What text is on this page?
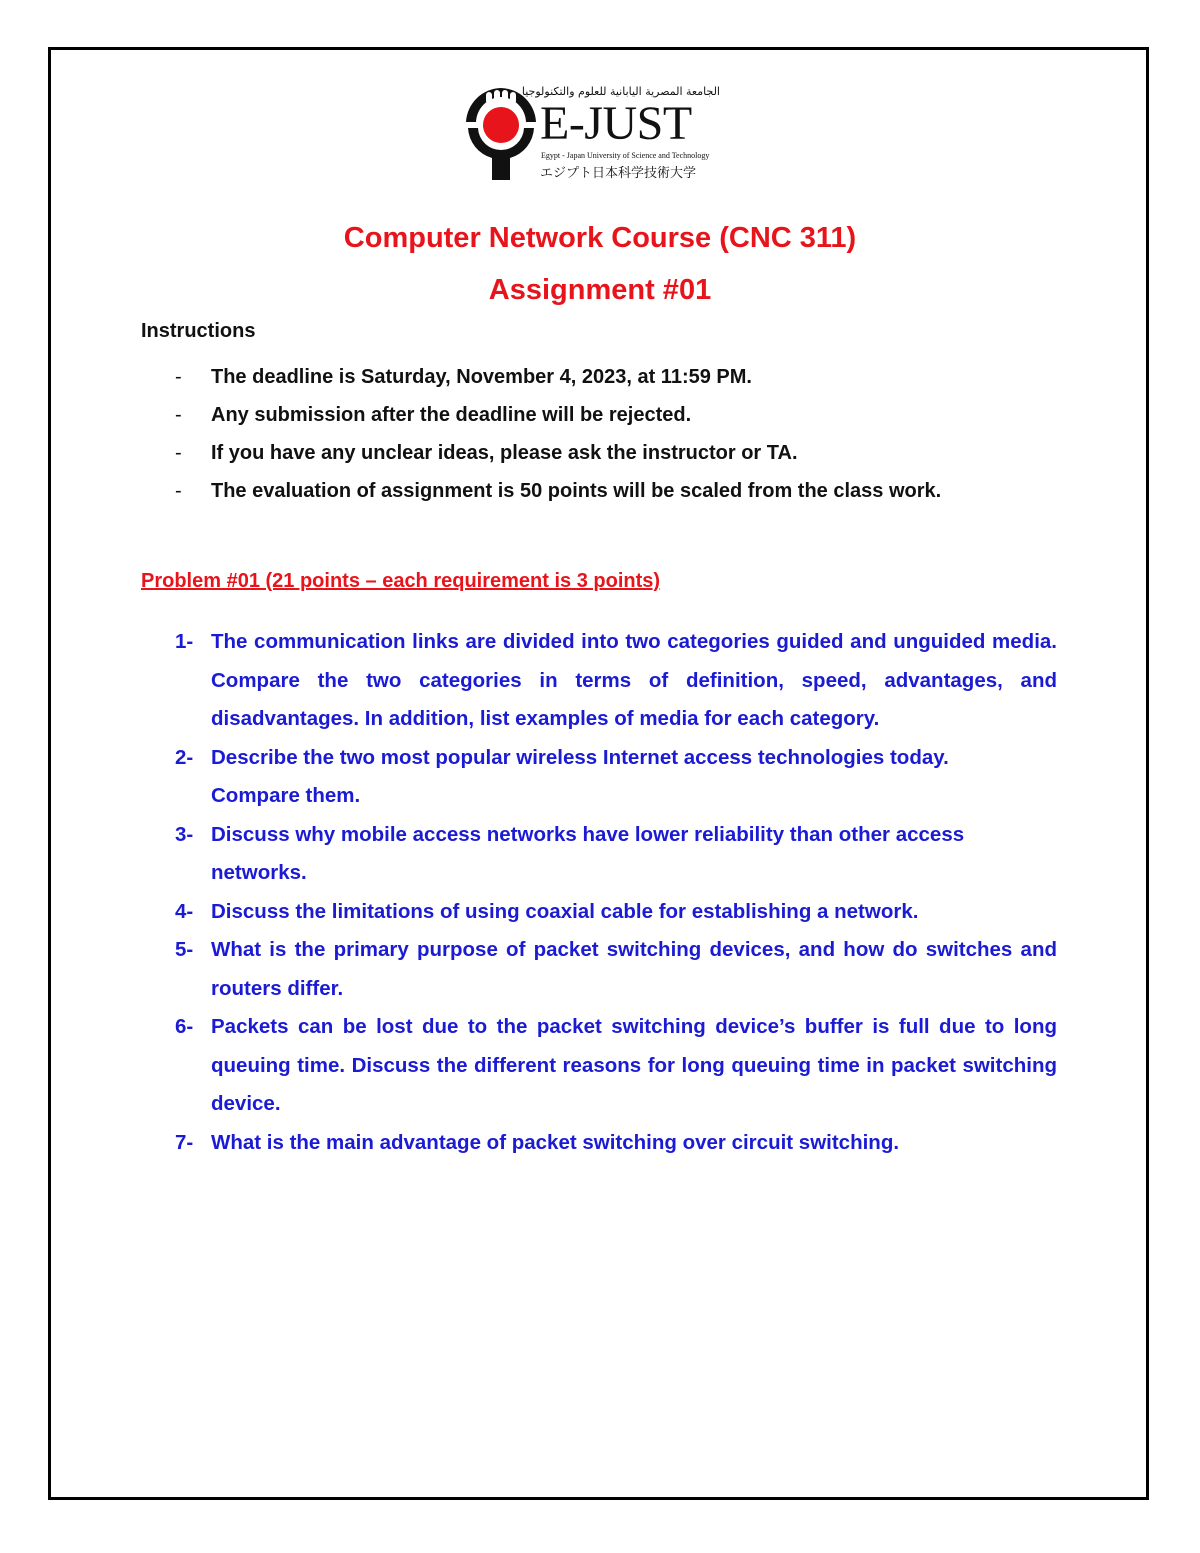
الجامعة المصرية اليابانية للعلوم والتكنولوجيا
E-JUST
Egypt - Japan University of Science and Technology
エジプト日本科学技術大学
Computer Network Course (CNC 311)
Assignment #01
Instructions
- The deadline is Saturday, November 4, 2023, at 11:59 PM.
- Any submission after the deadline will be rejected.
- If you have any unclear ideas, please ask the instructor or TA.
- The evaluation of assignment is 50 points will be scaled from the class work.
Problem #01 (21 points – each requirement is 3 points)
1- The communication links are divided into two categories guided and unguided media. Compare the two categories in terms of definition, speed, advantages, and disadvantages. In addition, list examples of media for each category.
2- Describe the two most popular wireless Internet access technologies today. Compare them.
3- Discuss why mobile access networks have lower reliability than other access networks.
4- Discuss the limitations of using coaxial cable for establishing a network.
5- What is the primary purpose of packet switching devices, and how do switches and routers differ.
6- Packets can be lost due to the packet switching device’s buffer is full due to long queuing time. Discuss the different reasons for long queuing time in packet switching device.
7- What is the main advantage of packet switching over circuit switching.
